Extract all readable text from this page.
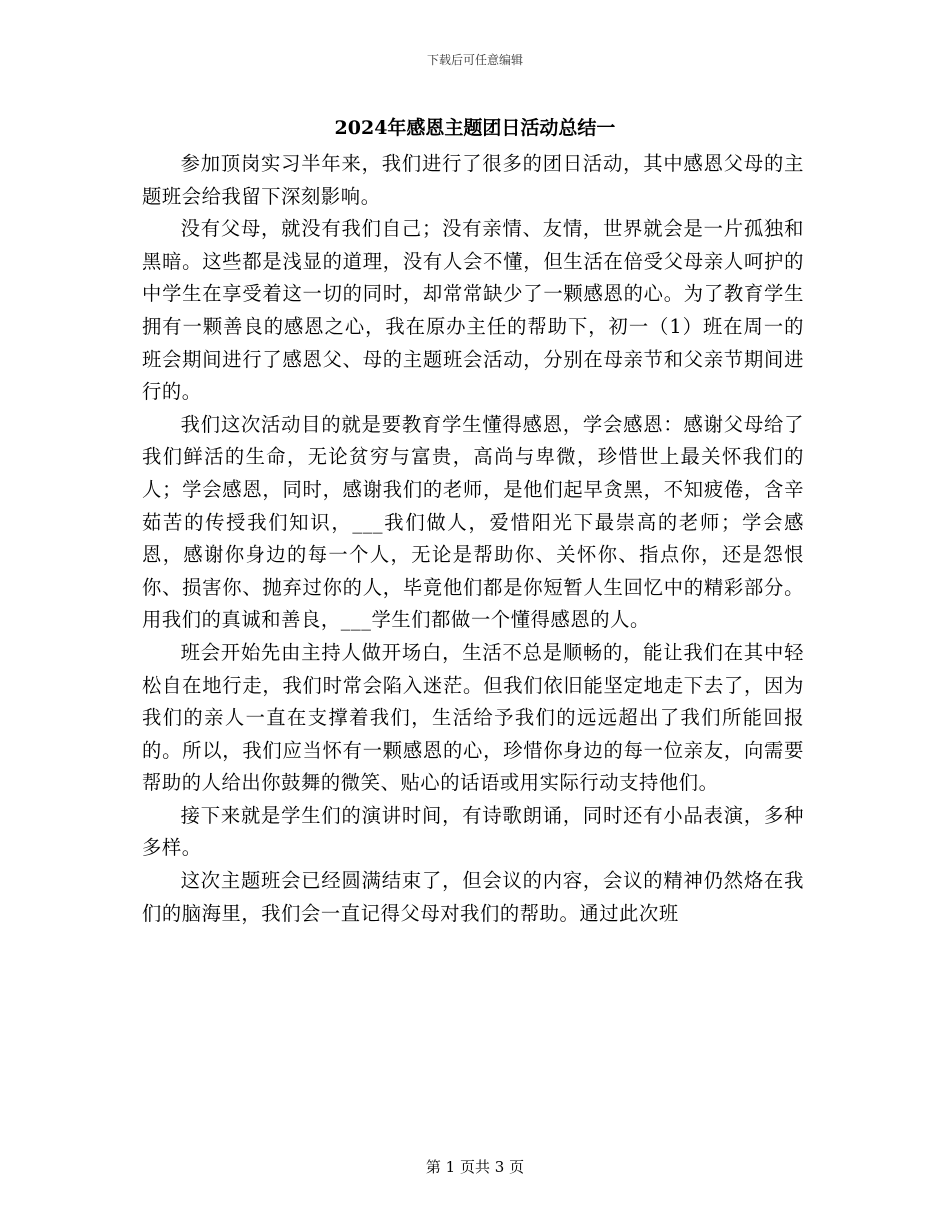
下载后可任意编辑
2024年感恩主题团日活动总结一

参加顶岗实习半年来，我们进行了很多的团日活动，其中感恩父母的主题班会给我留下深刻影响。

没有父母，就没有我们自己；没有亲情、友情，世界就会是一片孤独和黑暗。这些都是浅显的道理，没有人会不懂，但生活在倍受父母亲人呵护的中学生在享受着这一切的同时，却常常缺少了一颗感恩的心。为了教育学生拥有一颗善良的感恩之心，我在原办主任的帮助下，初一（1）班在周一的班会期间进行了感恩父、母的主题班会活动，分别在母亲节和父亲节期间进行的。

我们这次活动目的就是要教育学生懂得感恩，学会感恩：感谢父母给了我们鲜活的生命，无论贫穷与富贵，高尚与卑微，珍惜世上最关怀我们的人；学会感恩，同时，感谢我们的老师，是他们起早贪黑，不知疲倦，含辛茹苦的传授我们知识，___我们做人，爱惜阳光下最崇高的老师；学会感恩，感谢你身边的每一个人，无论是帮助你、关怀你、指点你，还是怨恨你、损害你、抛弃过你的人，毕竟他们都是你短暂人生回忆中的精彩部分。用我们的真诚和善良，___学生们都做一个懂得感恩的人。

班会开始先由主持人做开场白，生活不总是顺畅的，能让我们在其中轻松自在地行走，我们时常会陷入迷茫。但我们依旧能坚定地走下去了，因为我们的亲人一直在支撑着我们，生活给予我们的远远超出了我们所能回报的。所以，我们应当怀有一颗感恩的心，珍惜你身边的每一位亲友，向需要帮助的人给出你鼓舞的微笑、贴心的话语或用实际行动支持他们。

接下来就是学生们的演讲时间，有诗歌朗诵，同时还有小品表演，多种多样。

这次主题班会已经圆满结束了，但会议的内容，会议的精神仍然烙在我们的脑海里，我们会一直记得父母对我们的帮助。通过此次班

第 1 页共 3 页
